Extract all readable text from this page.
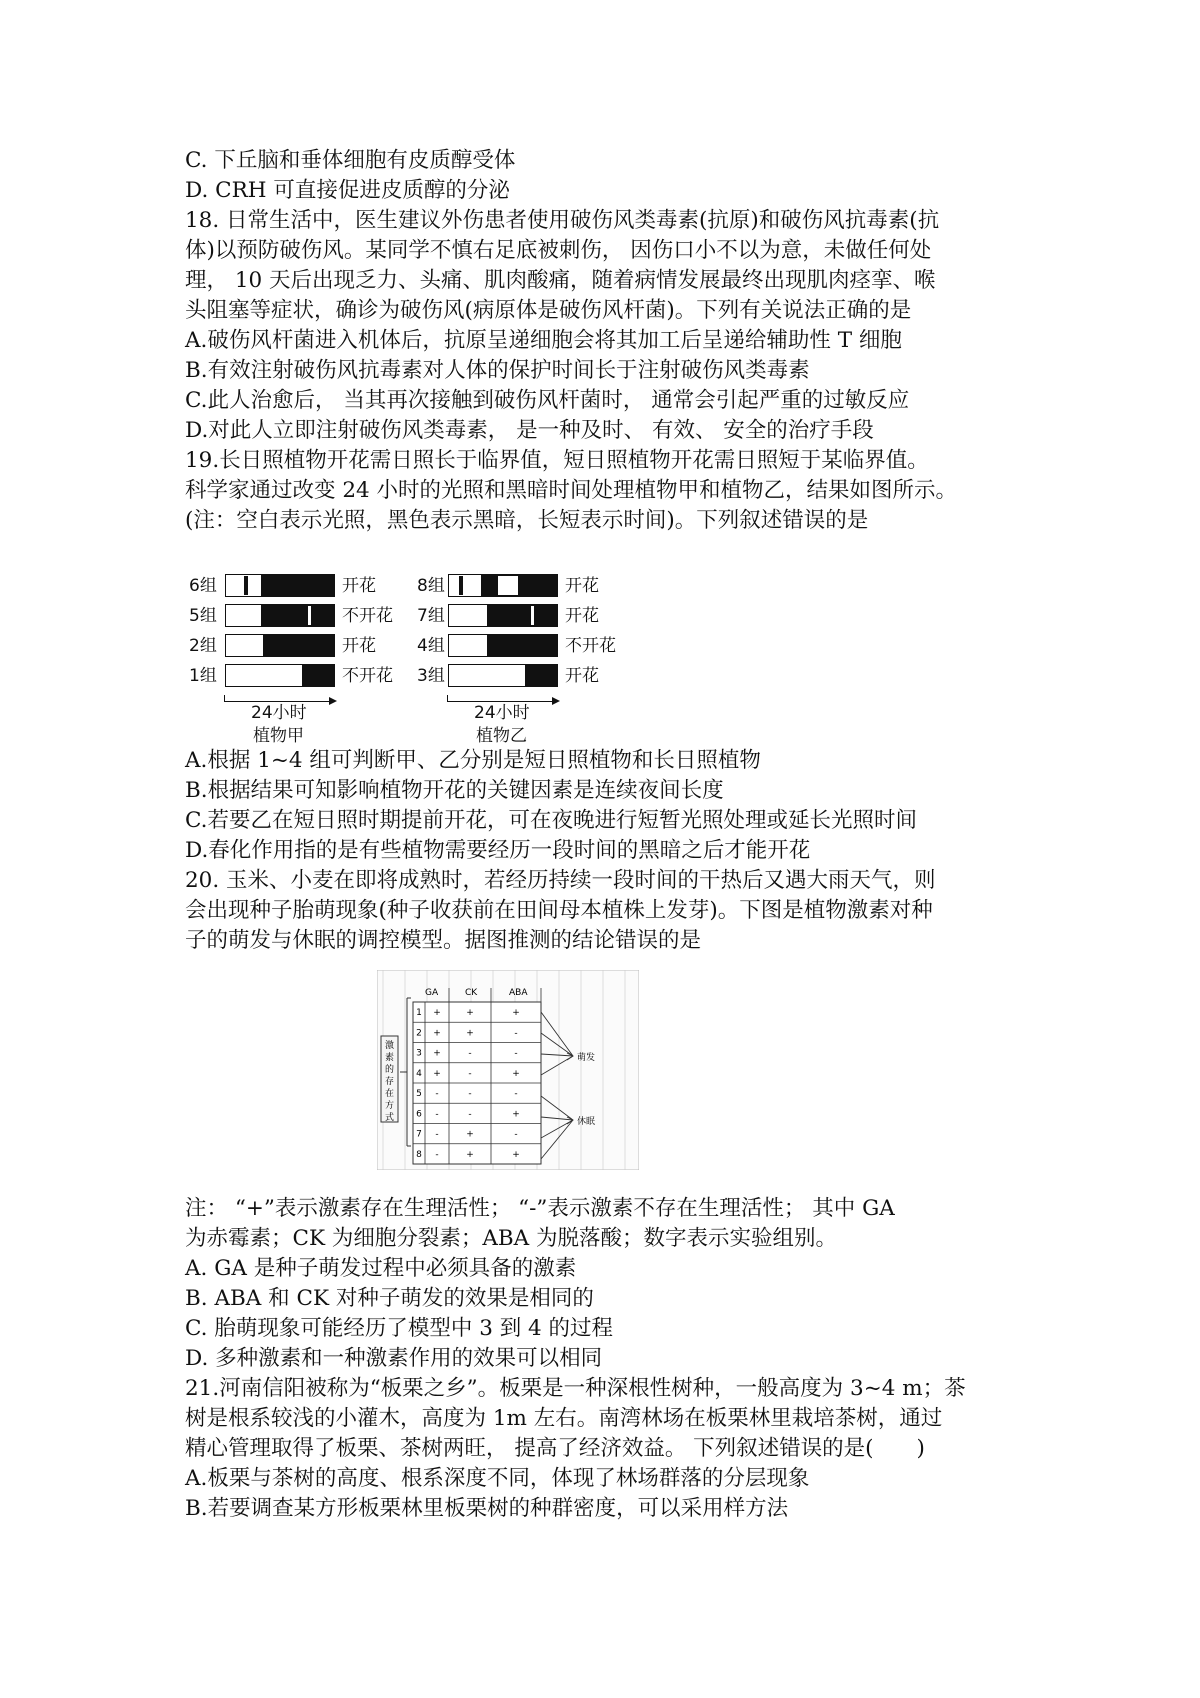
C. 下丘脑和垂体细胞有皮质醇受体
D. CRH 可直接促进皮质醇的分泌
18. 日常生活中，医生建议外伤患者使用破伤风类毒素(抗原)和破伤风抗毒素(抗
体)以预防破伤风。某同学不慎右足底被刺伤， 因伤口小不以为意，未做任何处
理， 10 天后出现乏力、头痛、肌肉酸痛，随着病情发展最终出现肌肉痉挛、喉
头阻塞等症状，确诊为破伤风(病原体是破伤风杆菌)。下列有关说法正确的是
A.破伤风杆菌进入机体后，抗原呈递细胞会将其加工后呈递给辅助性 T 细胞
B.有效注射破伤风抗毒素对人体的保护时间长于注射破伤风类毒素
C.此人治愈后， 当其再次接触到破伤风杆菌时， 通常会引起严重的过敏反应
D.对此人立即注射破伤风类毒素， 是一种及时、 有效、 安全的治疗手段
19.长日照植物开花需日照长于临界值，短日照植物开花需日照短于某临界值。
科学家通过改变 24 小时的光照和黑暗时间处理植物甲和植物乙，结果如图所示。
(注：空白表示光照，黑色表示黑暗，长短表示时间)。下列叙述错误的是
A.根据 1~4 组可判断甲、乙分别是短日照植物和长日照植物
B.根据结果可知影响植物开花的关键因素是连续夜间长度
C.若要乙在短日照时期提前开花，可在夜晚进行短暂光照处理或延长光照时间
D.春化作用指的是有些植物需要经历一段时间的黑暗之后才能开花
20. 玉米、小麦在即将成熟时，若经历持续一段时间的干热后又遇大雨天气，则
会出现种子胎萌现象(种子收获前在田间母本植株上发芽)。下图是植物激素对种
子的萌发与休眠的调控模型。据图推测的结论错误的是
注： “+”表示激素存在生理活性； “-”表示激素不存在生理活性； 其中 GA
为赤霉素；CK 为细胞分裂素；ABA 为脱落酸；数字表示实验组别。
A. GA 是种子萌发过程中必须具备的激素
B. ABA 和 CK 对种子萌发的效果是相同的
C. 胎萌现象可能经历了模型中 3 到 4 的过程
D. 多种激素和一种激素作用的效果可以相同
21.河南信阳被称为“板栗之乡”。板栗是一种深根性树种，一般高度为 3~4 m；茶
树是根系较浅的小灌木，高度为 1m 左右。南湾林场在板栗林里栽培茶树，通过
精心管理取得了板栗、茶树两旺， 提高了经济效益。 下列叙述错误的是(　　)
A.板栗与茶树的高度、根系深度不同，体现了林场群落的分层现象
B.若要调查某方形板栗林里板栗树的种群密度，可以采用样方法
6组	开花
5组	不开花
2组	开花
1组	不开花
24小时
植物甲
8组	开花
7组	开花
4组	不开花
3组	开花
24小时
植物乙
激
素
的
存
在
方
式
1 +	+	+
2 +	+	-
3 +	-	-
4 +	-	+
5 -	-	-
6 -	-	+
7 -	+	-
8 -	+	+
GA	CK	ABA
萌发
休眠
